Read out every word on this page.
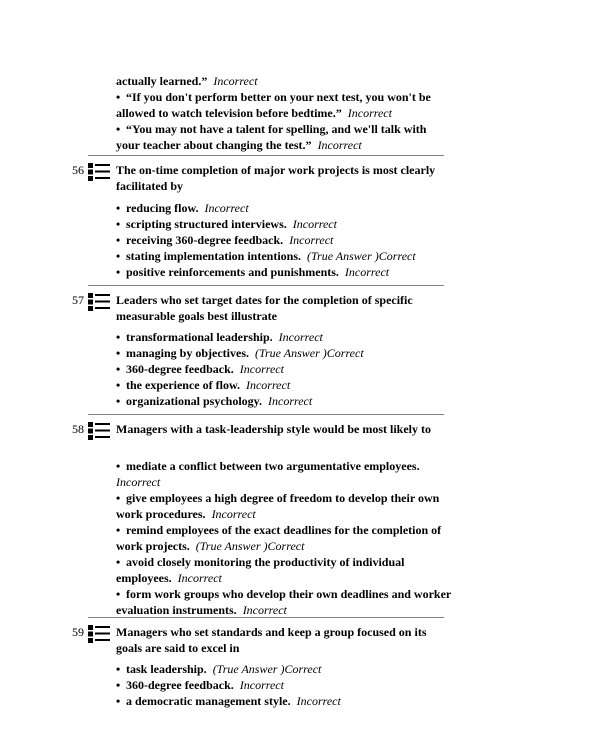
actually learned.” Incorrect
• “If you don't perform better on your next test, you won't be
allowed to watch television before bedtime.” Incorrect
• “You may not have a talent for spelling, and we'll talk with
your teacher about changing the test.” Incorrect
56	The on-time completion of major work projects is most clearly facilitated by
• reducing flow. Incorrect
• scripting structured interviews. Incorrect
• receiving 360-degree feedback. Incorrect
• stating implementation intentions. (True Answer )Correct
• positive reinforcements and punishments. Incorrect
57	Leaders who set target dates for the completion of specific measurable goals best illustrate
• transformational leadership. Incorrect
• managing by objectives. (True Answer )Correct
• 360-degree feedback. Incorrect
• the experience of flow. Incorrect
• organizational psychology. Incorrect
58	Managers with a task-leadership style would be most likely to
• mediate a conflict between two argumentative employees.  Incorrect
• give employees a high degree of freedom to develop their own work procedures. Incorrect
• remind employees of the exact deadlines for the completion of work projects. (True Answer )Correct
• avoid closely monitoring the productivity of individual employees. Incorrect
• form work groups who develop their own deadlines and worker evaluation instruments. Incorrect
59	Managers who set standards and keep a group focused on its goals are said to excel in
• task leadership. (True Answer )Correct
• 360-degree feedback. Incorrect
• a democratic management style. Incorrect
